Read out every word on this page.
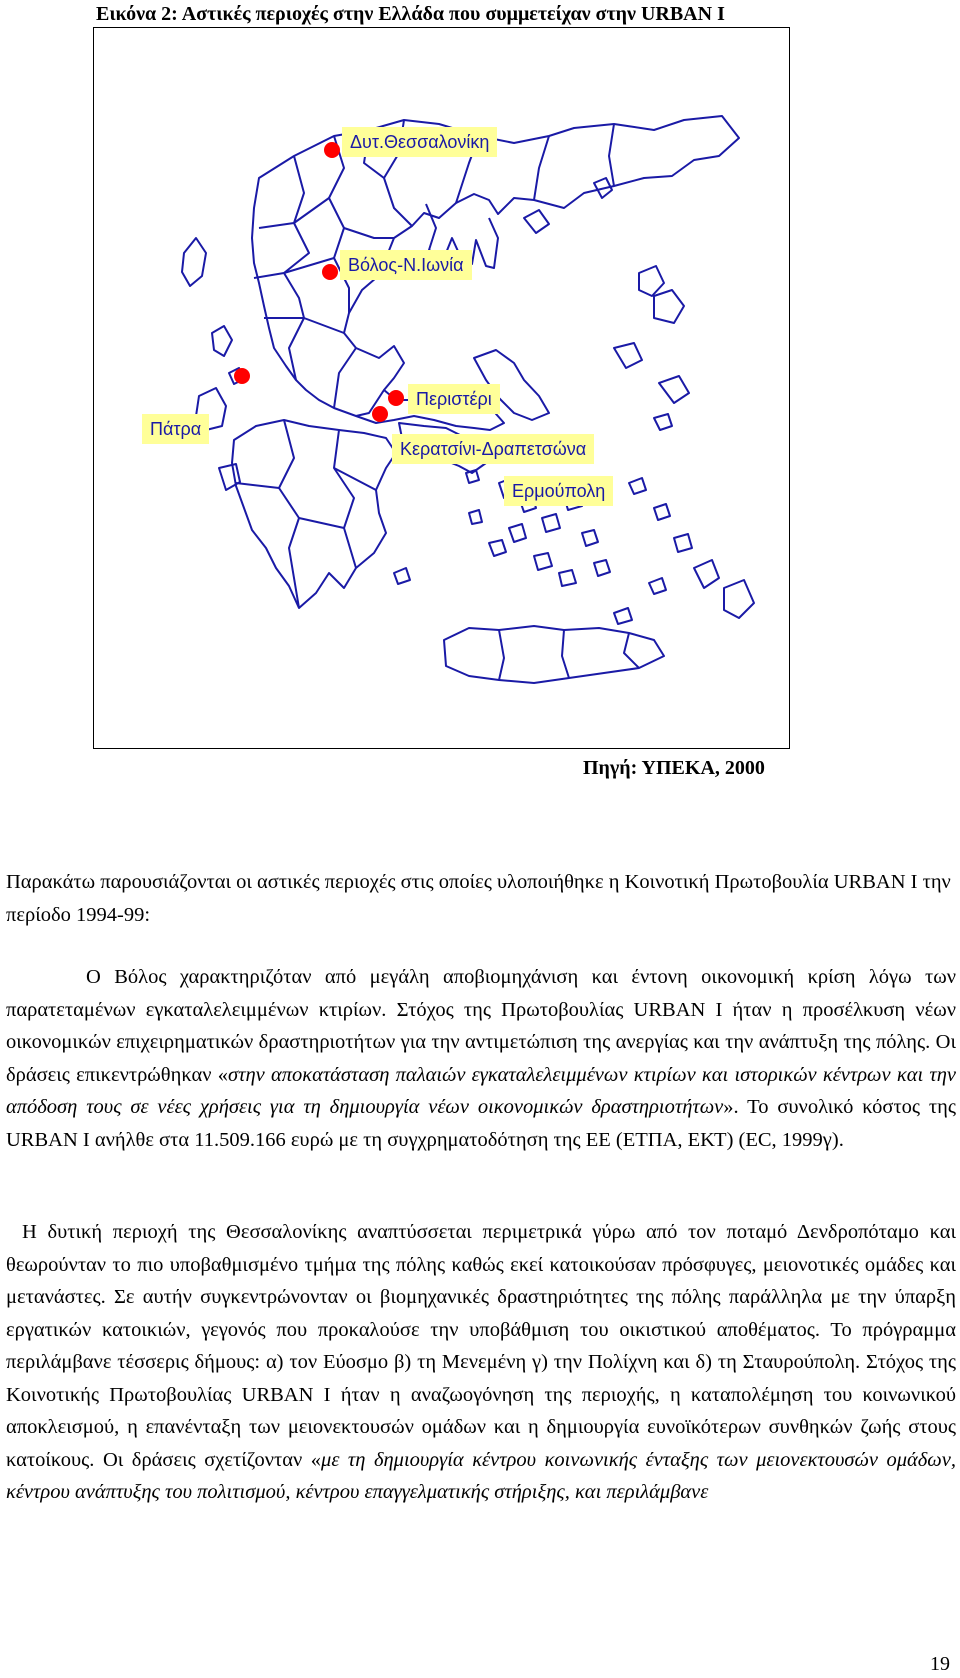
Εικόνα 2: Αστικές περιοχές στην Ελλάδα που συμμετείχαν στην URBAN I
Δυτ.Θεσσαλονίκη
Βόλος-Ν.Ιωνία
Περιστέρι
Πάτρα
Κερατσίνι-Δραπετσώνα
Ερμούπολη
Πηγή: ΥΠΕΚΑ, 2000

Παρακάτω παρουσιάζονται οι αστικές περιοχές στις οποίες υλοποιήθηκε η Κοινοτική Πρωτοβουλία URBAN I την περίοδο 1994-99:

Ο Βόλος χαρακτηριζόταν από μεγάλη αποβιομηχάνιση και έντονη οικονομική κρίση λόγω των παρατεταμένων εγκαταλελειμμένων κτιρίων. Στόχος της Πρωτοβουλίας URBAN I ήταν η προσέλκυση νέων οικονομικών επιχειρηματικών δραστηριοτήτων για την αντιμετώπιση της ανεργίας και την ανάπτυξη της πόλης. Οι δράσεις επικεντρώθηκαν «στην αποκατάσταση παλαιών εγκαταλελειμμένων κτιρίων και ιστορικών κέντρων και την απόδοση τους σε νέες χρήσεις για τη δημιουργία νέων οικονομικών δραστηριοτήτων». Το συνολικό κόστος της URBAN I ανήλθε στα 11.509.166 ευρώ με τη συγχρηματοδότηση της ΕΕ (ΕΤΠΑ, ΕΚΤ) (ΕC, 1999γ).

Η δυτική περιοχή της Θεσσαλονίκης αναπτύσσεται περιμετρικά γύρω από τον ποταμό Δενδροπόταμο και θεωρούνταν το πιο υποβαθμισμένο τμήμα της πόλης καθώς εκεί κατοικούσαν πρόσφυγες, μειονοτικές ομάδες και μετανάστες. Σε αυτήν συγκεντρώνονταν οι βιομηχανικές δραστηριότητες της πόλης παράλληλα με την ύπαρξη εργατικών κατοικιών, γεγονός που προκαλούσε την υποβάθμιση του οικιστικού αποθέματος. Το πρόγραμμα περιλάμβανε τέσσερις δήμους: α) τον Εύοσμο β) τη Μενεμένη γ) την Πολίχνη και δ) τη Σταυρούπολη. Στόχος της Κοινοτικής Πρωτοβουλίας URBAN I ήταν η αναζωογόνηση της περιοχής, η καταπολέμηση του κοινωνικού αποκλεισμού, η επανένταξη των μειονεκτουσών ομάδων και η δημιουργία ευνοϊκότερων συνθηκών ζωής στους κατοίκους. Οι δράσεις σχετίζονταν «με τη δημιουργία κέντρου κοινωνικής ένταξης των μειονεκτουσών ομάδων, κέντρου ανάπτυξης του πολιτισμού, κέντρου επαγγελματικής στήριξης, και περιλάμβανε

19
